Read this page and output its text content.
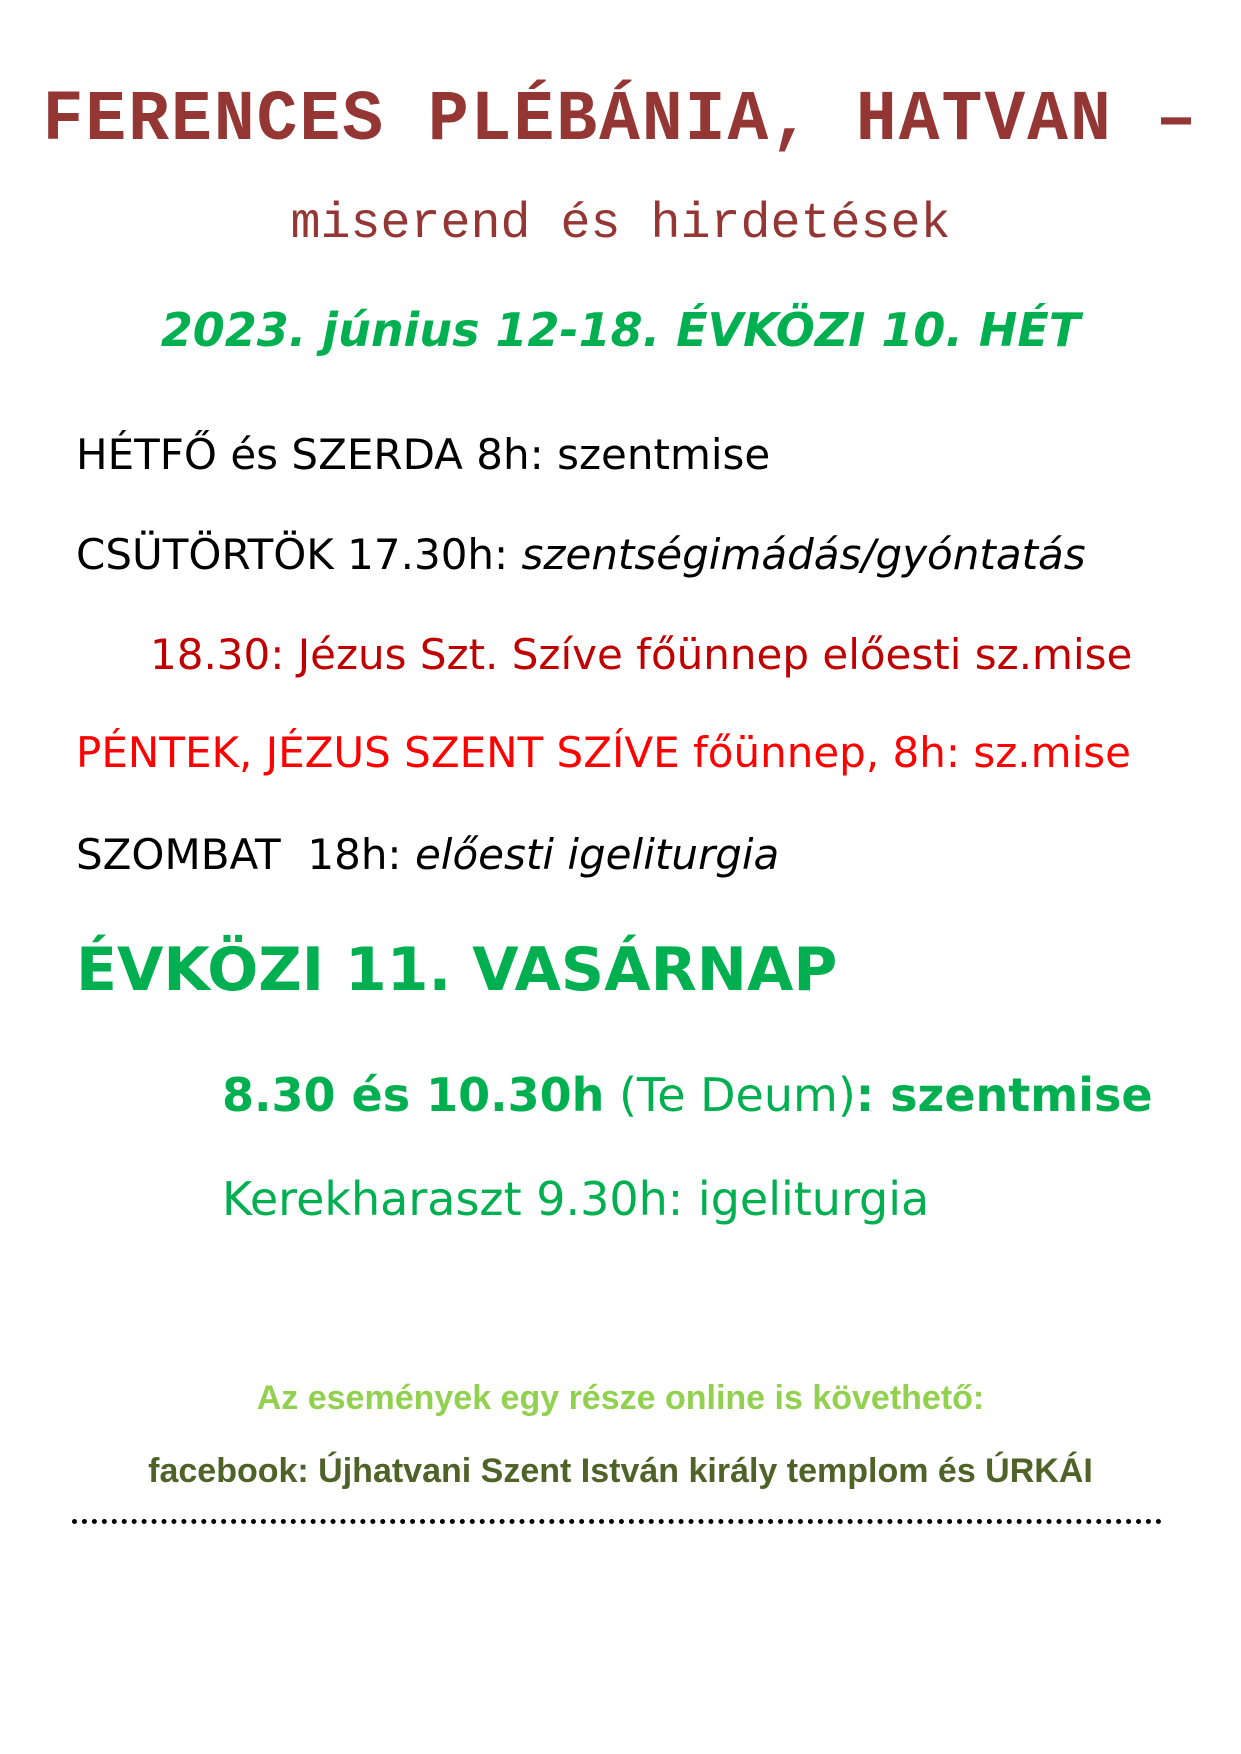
FERENCES PLÉBÁNIA, HATVAN –
miserend és hirdetések
2023. június 12-18. ÉVKÖZI 10. HÉT
HÉTFŐ és SZERDA 8h: szentmise
CSÜTÖRTÖK 17.30h: szentségimádás/gyóntatás
18.30: Jézus Szt. Szíve főünnep előesti sz.mise
PÉNTEK, JÉZUS SZENT SZÍVE főünnep, 8h: sz.mise
SZOMBAT  18h: előesti igeliturgia
ÉVKÖZI 11. VASÁRNAP
8.30 és 10.30h (Te Deum): szentmise
Kerekharaszt 9.30h: igeliturgia
Az események egy része online is követhető:
facebook: Újhatvani Szent István király templom és ÚRKÁI
